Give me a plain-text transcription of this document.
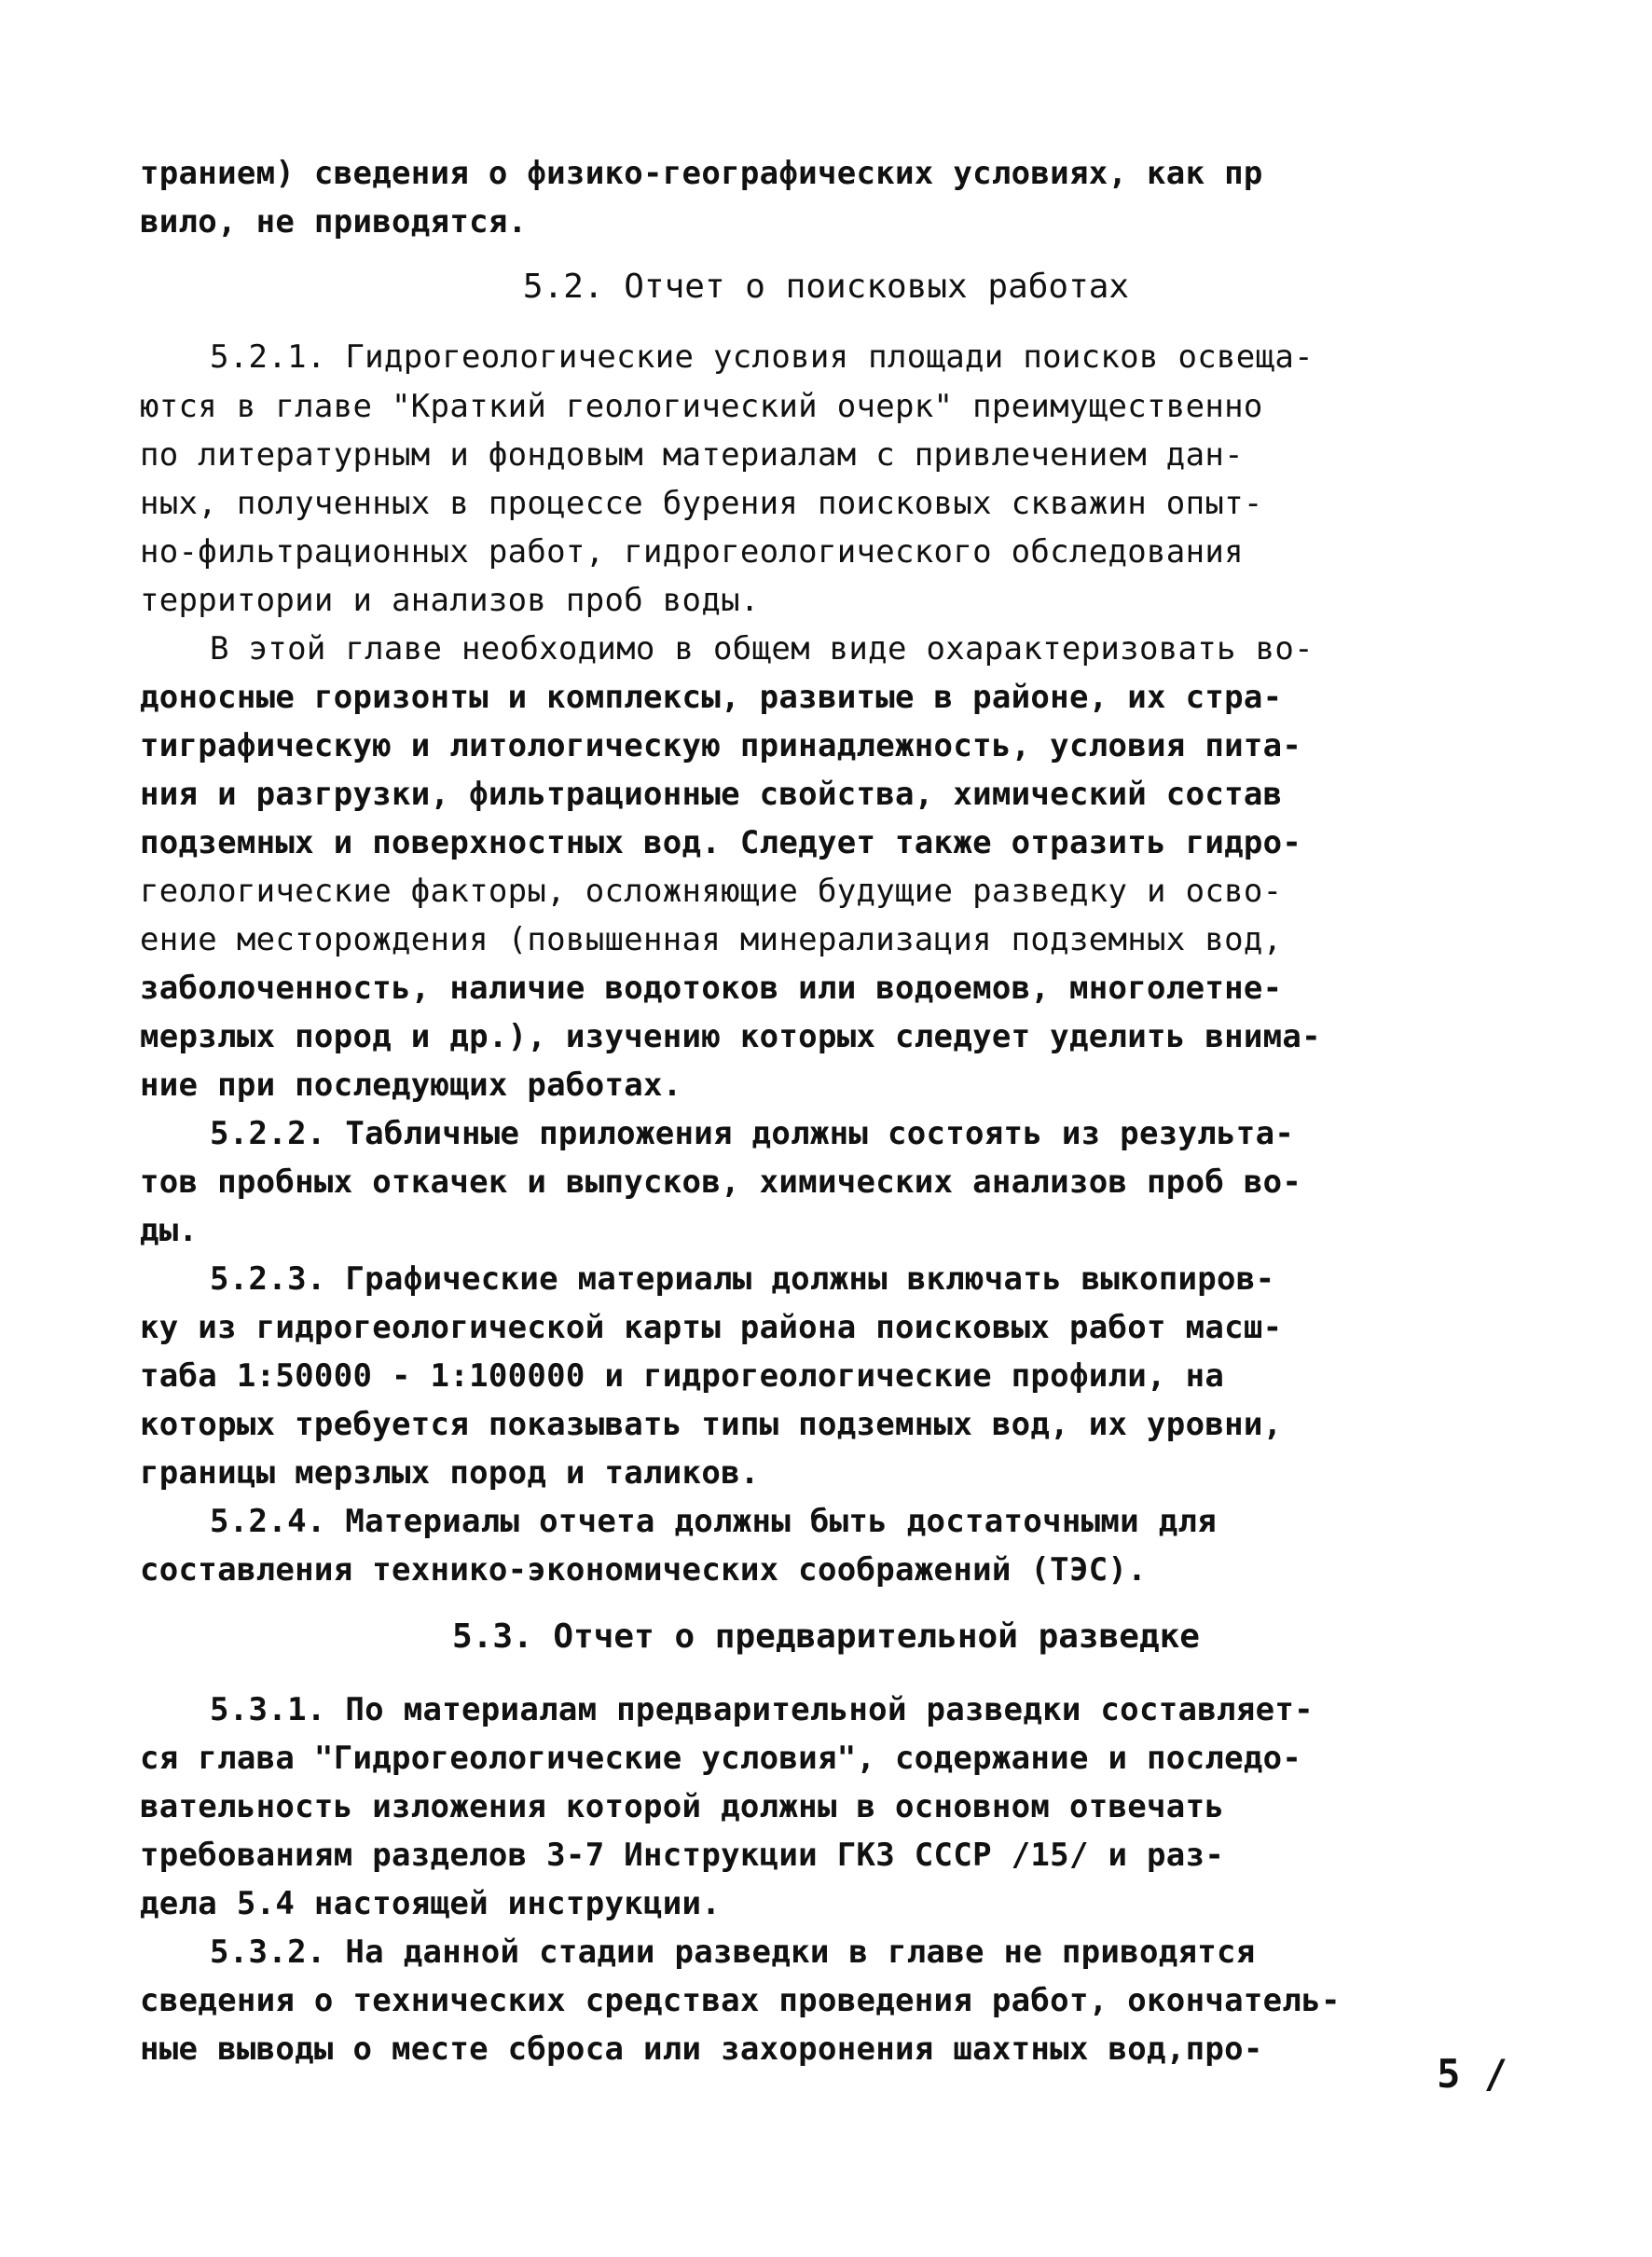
транием) сведения о физико-географических условиях, как пр
вило, не приводятся.
5.2. Отчет о поисковых работах
5.2.1. Гидрогеологические условия площади поисков освеща-
ются в главе "Краткий геологический очерк" преимущественно
по литературным и фондовым материалам с привлечением дан-
ных, полученных в процессе бурения поисковых скважин опыт-
но-фильтрационных работ, гидрогеологического обследования
территории и анализов проб воды.
В этой главе необходимо в общем виде охарактеризовать во-
доносные горизонты и комплексы, развитые в районе, их стра-
тиграфическую и литологическую принадлежность, условия пита-
ния и разгрузки, фильтрационные свойства, химический состав
подземных и поверхностных вод. Следует также отразить гидро-
геологические факторы, осложняющие будущие разведку и осво-
ение месторождения (повышенная минерализация подземных вод,
заболоченность, наличие водотоков или водоемов, многолетне-
мерзлых пород и др.), изучению которых следует уделить внима-
ние при последующих работах.
5.2.2. Табличные приложения должны состоять из результа-
тов пробных откачек и выпусков, химических анализов проб во-
ды.
5.2.3. Графические материалы должны включать выкопиров-
ку из гидрогеологической карты района поисковых работ масш-
таба 1:50000 - 1:100000 и гидрогеологические профили, на
которых требуется показывать типы подземных вод, их уровни,
границы мерзлых пород и таликов.
5.2.4. Материалы отчета должны быть достаточными для
составления технико-экономических соображений (ТЭС).
5.3. Отчет о предварительной разведке
5.3.1. По материалам предварительной разведки составляет-
ся глава "Гидрогеологические условия", содержание и последо-
вательность изложения которой должны в основном отвечать
требованиям разделов 3-7 Инструкции ГКЗ СССР /15/ и раз-
дела 5.4 настоящей инструкции.
5.3.2. На данной стадии разведки в главе не приводятся
сведения о технических средствах проведения работ, окончатель-
ные выводы о месте сброса или захоронения шахтных вод,про-
5 /
